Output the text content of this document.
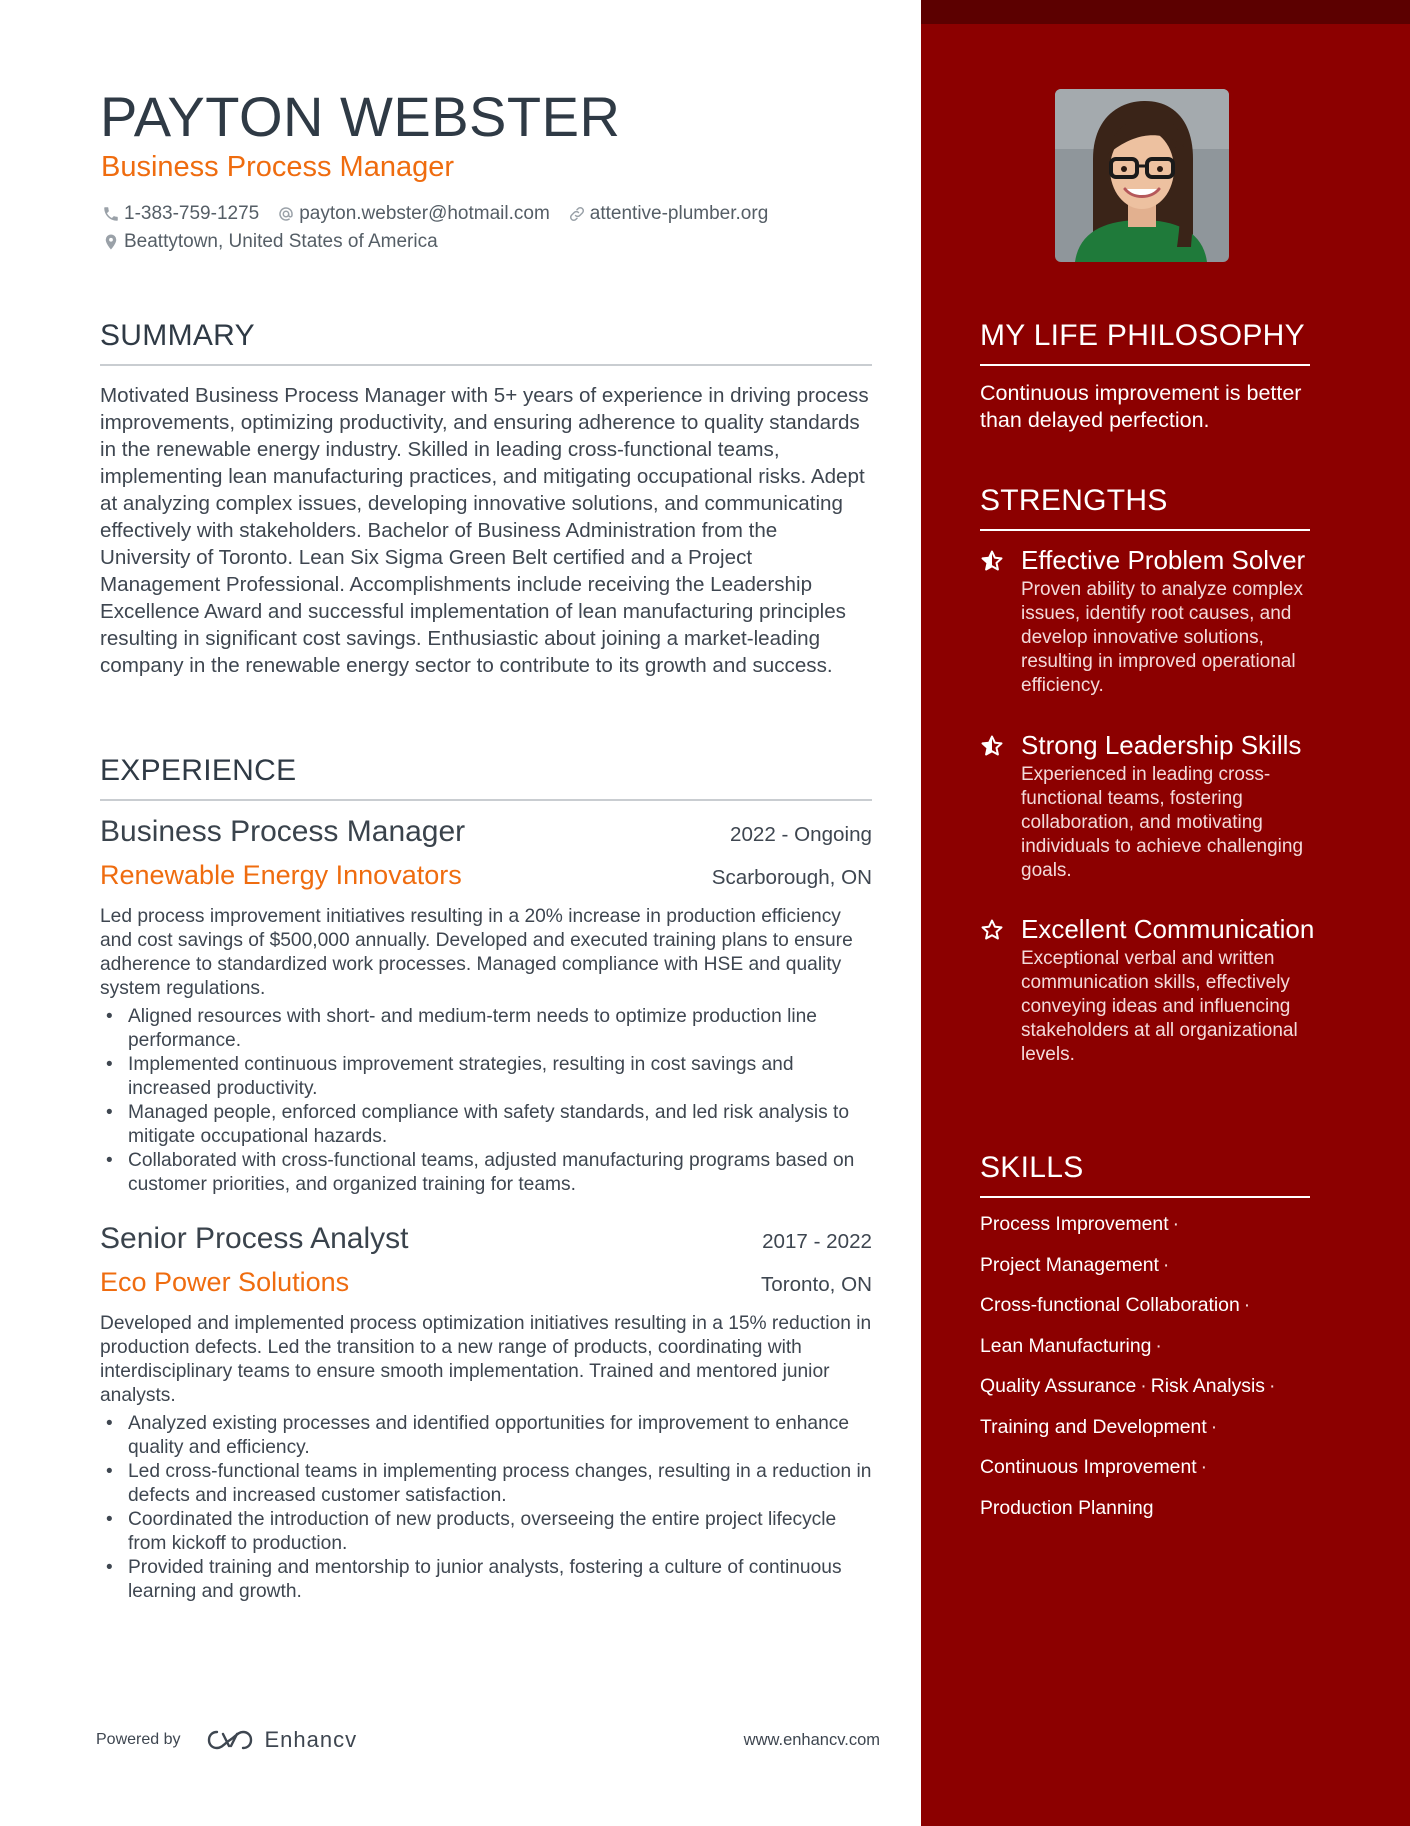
PAYTON WEBSTER
Business Process Manager
1-383-759-1275 payton.webster@hotmail.com attentive-plumber.org
Beattytown, United States of America
SUMMARY
Motivated Business Process Manager with 5+ years of experience in driving process improvements, optimizing productivity, and ensuring adherence to quality standards in the renewable energy industry. Skilled in leading cross-functional teams, implementing lean manufacturing practices, and mitigating occupational risks. Adept at analyzing complex issues, developing innovative solutions, and communicating effectively with stakeholders. Bachelor of Business Administration from the University of Toronto. Lean Six Sigma Green Belt certified and a Project Management Professional. Accomplishments include receiving the Leadership Excellence Award and successful implementation of lean manufacturing principles resulting in significant cost savings. Enthusiastic about joining a market-leading company in the renewable energy sector to contribute to its growth and success.
EXPERIENCE
Business Process Manager	2022 - Ongoing
Renewable Energy Innovators	Scarborough, ON
Led process improvement initiatives resulting in a 20% increase in production efficiency and cost savings of $500,000 annually. Developed and executed training plans to ensure adherence to standardized work processes. Managed compliance with HSE and quality system regulations.
• Aligned resources with short- and medium-term needs to optimize production line performance.
• Implemented continuous improvement strategies, resulting in cost savings and increased productivity.
• Managed people, enforced compliance with safety standards, and led risk analysis to mitigate occupational hazards.
• Collaborated with cross-functional teams, adjusted manufacturing programs based on customer priorities, and organized training for teams.
Senior Process Analyst	2017 - 2022
Eco Power Solutions	Toronto, ON
Developed and implemented process optimization initiatives resulting in a 15% reduction in production defects. Led the transition to a new range of products, coordinating with interdisciplinary teams to ensure smooth implementation. Trained and mentored junior analysts.
• Analyzed existing processes and identified opportunities for improvement to enhance quality and efficiency.
• Led cross-functional teams in implementing process changes, resulting in a reduction in defects and increased customer satisfaction.
• Coordinated the introduction of new products, overseeing the entire project lifecycle from kickoff to production.
• Provided training and mentorship to junior analysts, fostering a culture of continuous learning and growth.
Powered by	Enhancv	www.enhancv.com
MY LIFE PHILOSOPHY
Continuous improvement is better than delayed perfection.
STRENGTHS
Effective Problem Solver
Proven ability to analyze complex issues, identify root causes, and develop innovative solutions, resulting in improved operational efficiency.
Strong Leadership Skills
Experienced in leading cross-functional teams, fostering collaboration, and motivating individuals to achieve challenging goals.
Excellent Communication
Exceptional verbal and written communication skills, effectively conveying ideas and influencing stakeholders at all organizational levels.
SKILLS
Process Improvement ·
Project Management ·
Cross-functional Collaboration ·
Lean Manufacturing ·
Quality Assurance · Risk Analysis ·
Training and Development ·
Continuous Improvement ·
Production Planning
